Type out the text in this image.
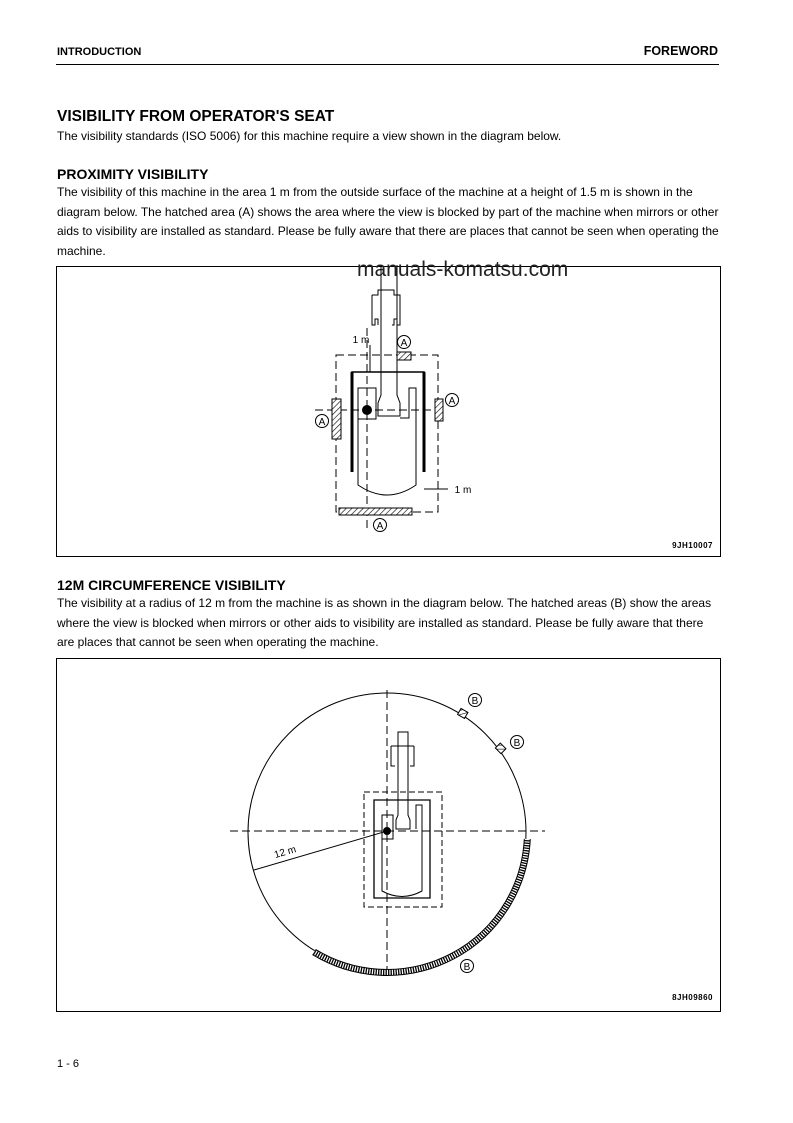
INTRODUCTION	FOREWORD
VISIBILITY FROM OPERATOR'S SEAT
The visibility standards (ISO 5006) for this machine require a view shown in the diagram below.
PROXIMITY VISIBILITY
The visibility of this machine in the area 1 m from the outside surface of the machine at a height of 1.5 m is shown in the diagram below. The hatched area (A) shows the area where the view is blocked by part of the machine when mirrors or other aids to visibility are installed as standard. Please be fully aware that there are places that cannot be seen when operating the machine.
manuals-komatsu.com
9JH10007
12M CIRCUMFERENCE VISIBILITY
The visibility at a radius of 12 m from the machine is as shown in the diagram below. The hatched areas (B) show the areas where the view is blocked when mirrors or other aids to visibility are installed as standard. Please be fully aware that there are places that cannot be seen when operating the machine.
8JH09860
1 - 6
A
A
A
A
1 m
1 m
B
B
B
12 m
